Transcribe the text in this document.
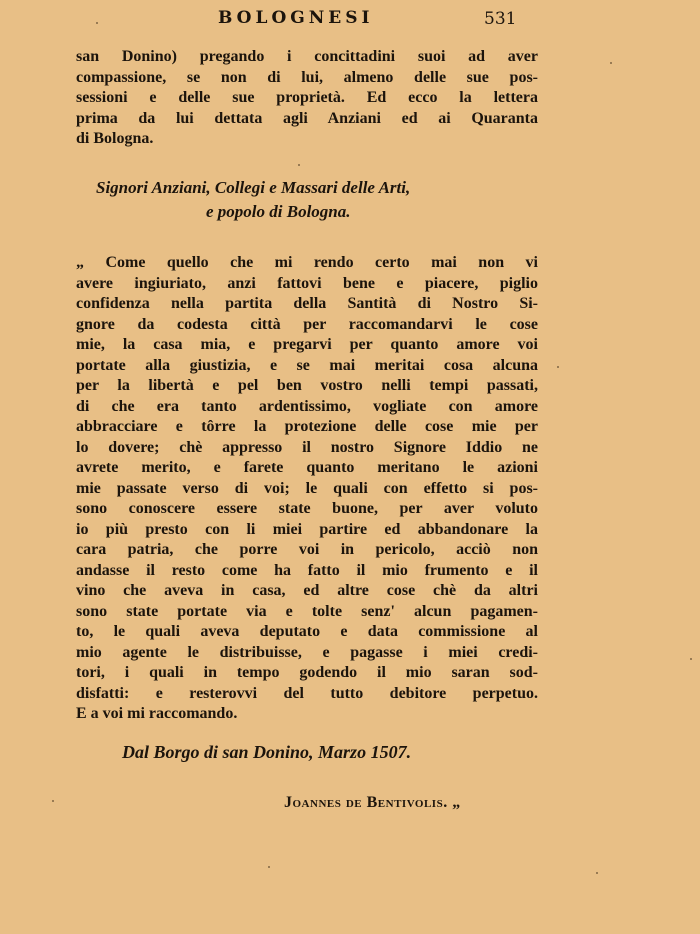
BOLOGNESI	531
san Donino) pregando i concittadini suoi ad aver
compassione, se non di lui, almeno delle sue pos-
sessioni e delle sue proprietà. Ed ecco la lettera
prima da lui dettata agli Anziani ed ai Quaranta
di Bologna.
Signori Anziani, Collegi e Massari delle Arti,
e popolo di Bologna.
„ Come quello che mi rendo certo mai non vi
avere ingiuriato, anzi fattovi bene e piacere, piglio
confidenza nella partita della Santità di Nostro Si-
gnore da codesta città per raccomandarvi le cose
mie, la casa mia, e pregarvi per quanto amore voi
portate alla giustizia, e se mai meritai cosa alcuna
per la libertà e pel ben vostro nelli tempi passati,
di che era tanto ardentissimo, vogliate con amore
abbracciare e tôrre la protezione delle cose mie per
lo dovere; chè appresso il nostro Signore Iddio ne
avrete merito, e farete quanto meritano le azioni
mie passate verso di voi; le quali con effetto si pos-
sono conoscere essere state buone, per aver voluto
io più presto con li miei partire ed abbandonare la
cara patria, che porre voi in pericolo, acciò non
andasse il resto come ha fatto il mio frumento e il
vino che aveva in casa, ed altre cose chè da altri
sono state portate via e tolte senz' alcun pagamen-
to, le quali aveva deputato e data commissione al
mio agente le distribuisse, e pagasse i miei credi-
tori, i quali in tempo godendo il mio saran sod-
disfatti: e resterovvi del tutto debitore perpetuo.
E a voi mi raccomando.
Dal Borgo di san Donino, Marzo 1507.
Joannes de Bentivolis. „
